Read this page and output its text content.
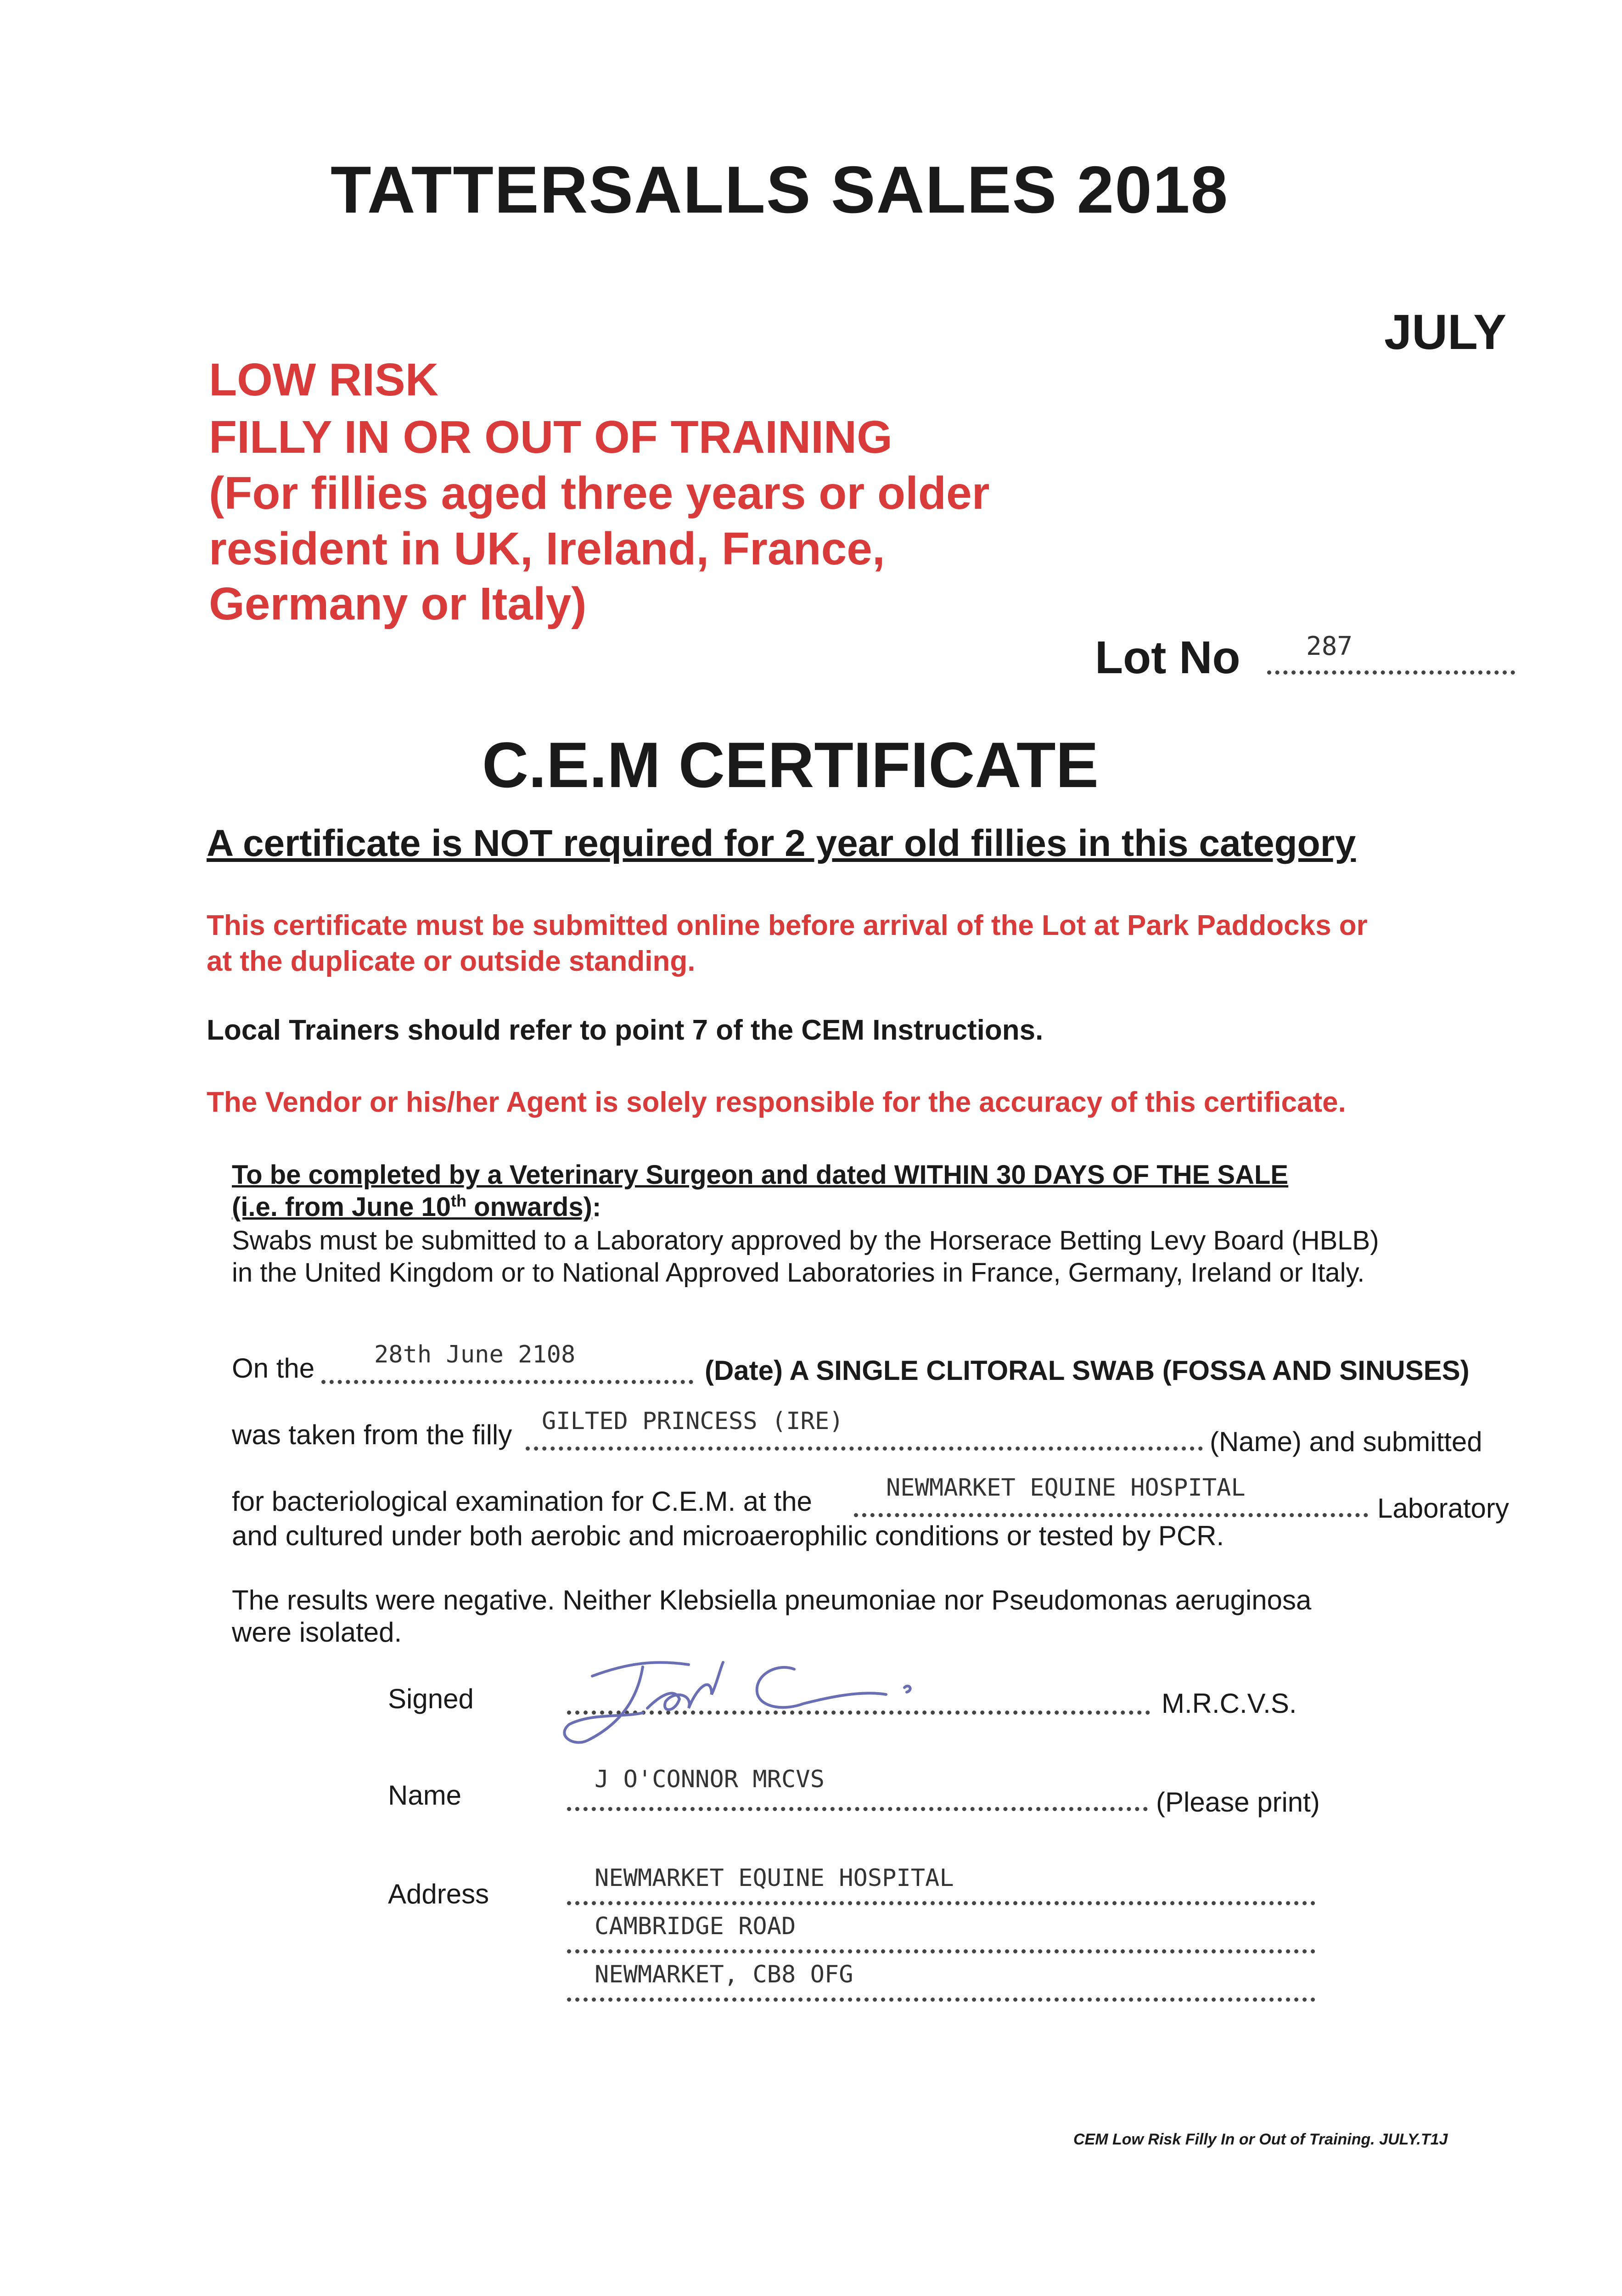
TATTERSALLS SALES 2018
JULY
LOW RISK
FILLY IN OR OUT OF TRAINING
(For fillies aged three years or older
resident in UK, Ireland, France,
Germany or Italy)
Lot No	287
C.E.M CERTIFICATE
A certificate is NOT required for 2 year old fillies in this category
This certificate must be submitted online before arrival of the Lot at Park Paddocks or
at the duplicate or outside standing.
Local Trainers should refer to point 7 of the CEM Instructions.
The Vendor or his/her Agent is solely responsible for the accuracy of this certificate.
To be completed by a Veterinary Surgeon and dated WITHIN 30 DAYS OF THE SALE
(i.e. from June 10th onwards):
Swabs must be submitted to a Laboratory approved by the Horserace Betting Levy Board (HBLB)
in the United Kingdom or to National Approved Laboratories in France, Germany, Ireland or Italy.
On the 28th June 2108
(Date) A SINGLE CLITORAL SWAB (FOSSA AND SINUSES)
was taken from the filly GILTED PRINCESS (IRE)
(Name) and submitted
for bacteriological examination for C.E.M. at the	NEWMARKET EQUINE HOSPITAL
Laboratory
and cultured under both aerobic and microaerophilic conditions or tested by PCR.
The results were negative. Neither Klebsiella pneumoniae nor Pseudomonas aeruginosa
were isolated.
Signed	M.R.C.V.S.
Name
J O'CONNOR MRCVS
(Please print)
Address
NEWMARKET EQUINE HOSPITAL
CAMBRIDGE ROAD
NEWMARKET, CB8 OFG
CEM Low Risk Filly In or Out of Training. JULY.T1J
